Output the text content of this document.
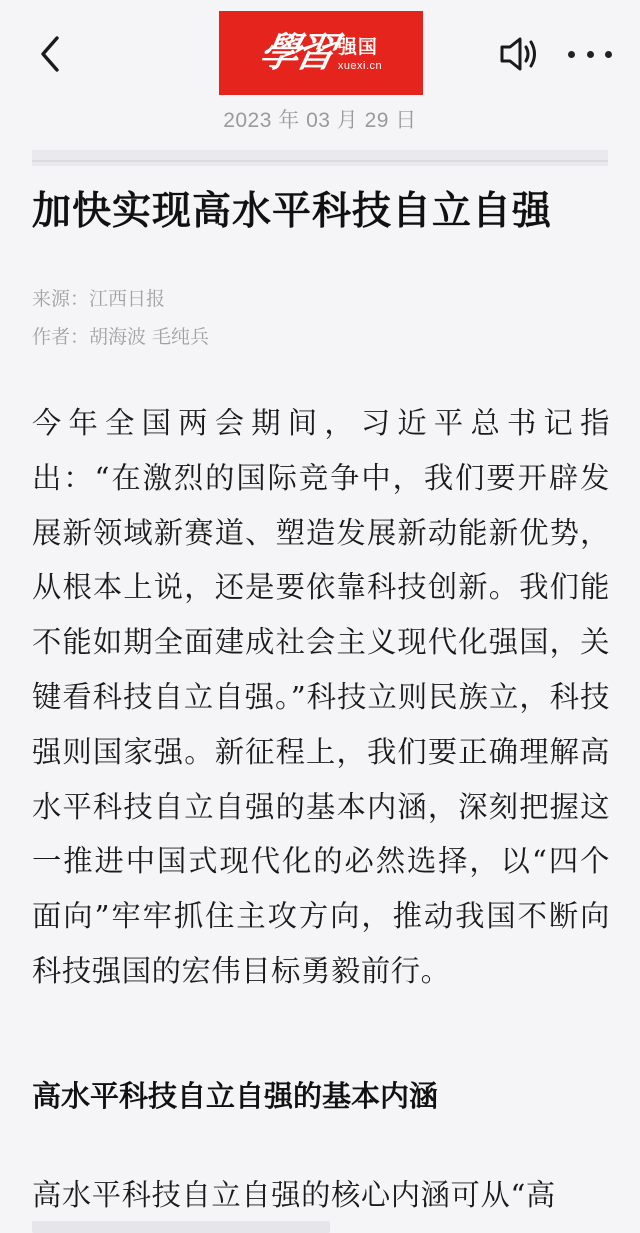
學習 强国
xuexi.cn
2023 年 03 月 29 日
加快实现高水平科技自立自强
来源：江西日报
作者：胡海波 毛纯兵

今年全国两会期间，习近平总书记指出：“在激烈的国际竞争中，我们要开辟发展新领域新赛道、塑造发展新动能新优势，从根本上说，还是要依靠科技创新。我们能不能如期全面建成社会主义现代化强国，关键看科技自立自强。”科技立则民族立，科技强则国家强。新征程上，我们要正确理解高水平科技自立自强的基本内涵，深刻把握这一推进中国式现代化的必然选择，以“四个面向”牢牢抓住主攻方向，推动我国不断向科技强国的宏伟目标勇毅前行。

高水平科技自立自强的基本内涵

高水平科技自立自强的核心内涵可从“高
